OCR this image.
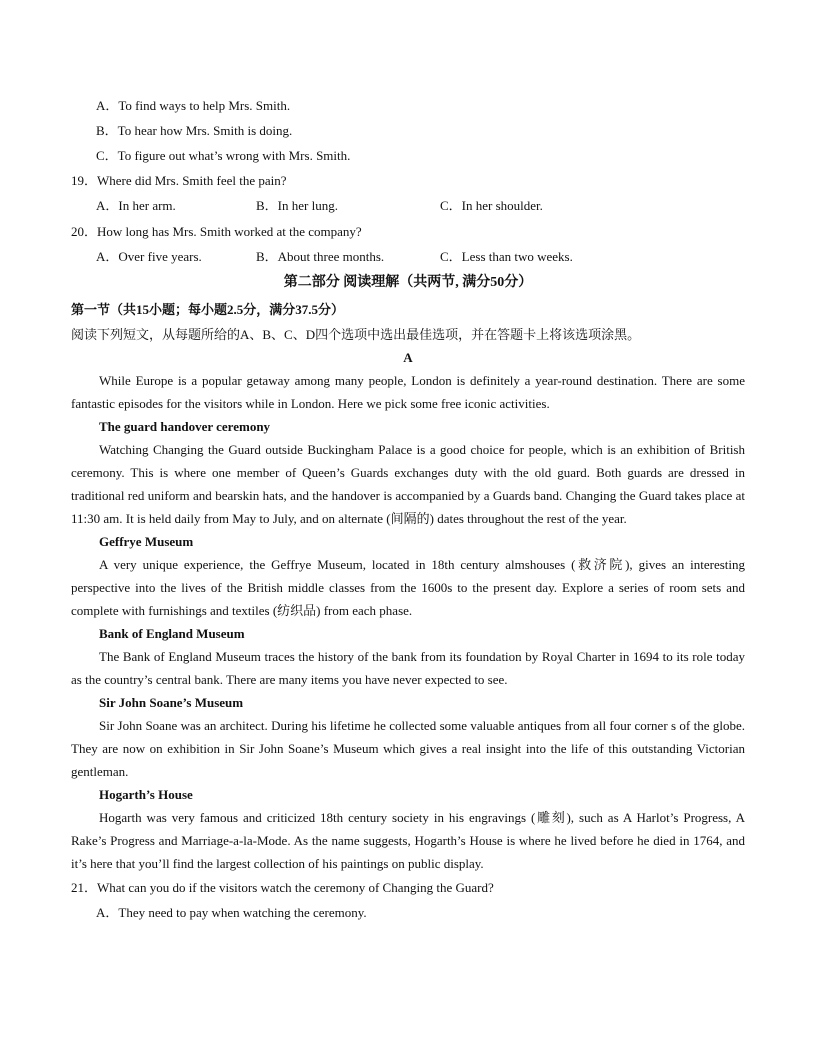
A．To find ways to help Mrs. Smith.
B．To hear how Mrs. Smith is doing.
C．To figure out what’s wrong with Mrs. Smith.
19．Where did Mrs. Smith feel the pain?
A．In her arm.	B．In her lung.	C．In her shoulder.
20．How long has Mrs. Smith worked at the company?
A．Over five years.	B．About three months.	C．Less than two weeks.
第二部分 阅读理解（共两节, 满分50分）
第一节（共15小题；每小题2.5分，满分37.5分）
阅读下列短文，从每题所给的A、B、C、D四个选项中选出最佳选项，并在答题卡上将该选项涂黑。
A

While Europe is a popular getaway among many people, London is definitely a year-round destination. There are some fantastic episodes for the visitors while in London. Here we pick some free iconic activities.

The guard handover ceremony

Watching Changing the Guard outside Buckingham Palace is a good choice for people, which is an exhibition of British ceremony. This is where one member of Queen’s Guards exchanges duty with the old guard. Both guards are dressed in traditional red uniform and bearskin hats, and the handover is accompanied by a Guards band. Changing the Guard takes place at 11:30 am. It is held daily from May to July, and on alternate (间隔的) dates throughout the rest of the year.

Geffrye Museum

A very unique experience, the Geffrye Museum, located in 18th century almshouses (救济院), gives an interesting perspective into the lives of the British middle classes from the 1600s to the present day. Explore a series of room sets and complete with furnishings and textiles (纺织品) from each phase.

Bank of England Museum

The Bank of England Museum traces the history of the bank from its foundation by Royal Charter in 1694 to its role today as the country’s central bank. There are many items you have never expected to see.

Sir John Soane’s Museum

Sir John Soane was an architect. During his lifetime he collected some valuable antiques from all four corner s of the globe. They are now on exhibition in Sir John Soane’s Museum which gives a real insight into the life of this outstanding Victorian gentleman.

Hogarth’s House

Hogarth was very famous and criticized 18th century society in his engravings (雕刻), such as A Harlot’s Progress, A Rake’s Progress and Marriage-a-la-Mode. As the name suggests, Hogarth’s House is where he lived before he died in 1764, and it’s here that you’ll find the largest collection of his paintings on public display.

21．What can you do if the visitors watch the ceremony of Changing the Guard?
A．They need to pay when watching the ceremony.
